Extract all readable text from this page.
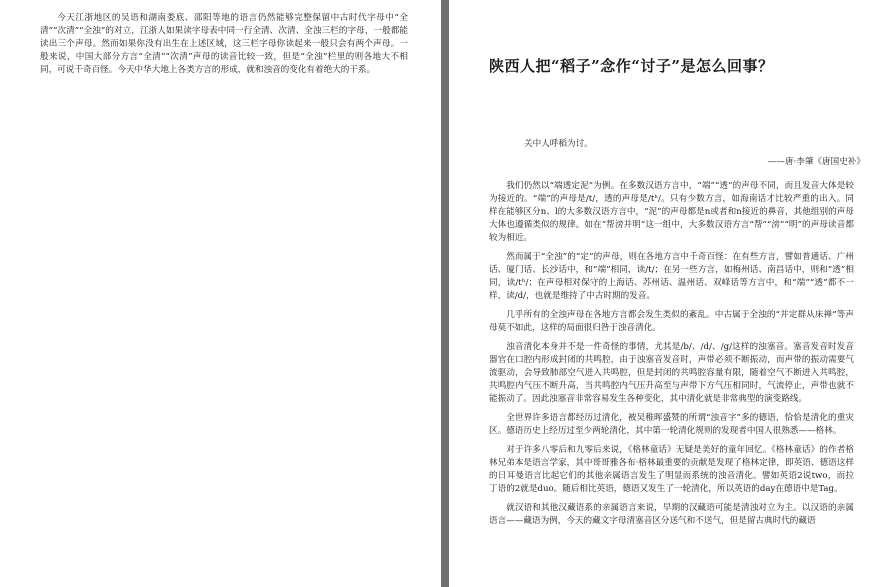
今天江浙地区的吴语和湖南娄底、邵阳等地的语言仍然能够完整保留中古时代字母中“全清”“次清”“全浊”的对立，江浙人如果读字母表中同一行全清、次清、全浊三栏的字母，一般都能读出三个声母。然而如果你没有出生在上述区域，这三栏字母你读起来一般只会有两个声母。一般来说，中国大部分方言“全清”“次清”声母的读音比较一致，但是“全浊”栏里的则各地大不相同，可说千奇百怪。今天中华大地上各类方言的形成，就和浊音的变化有着绝大的干系。	陕西人把“稻子”念作“讨子”是怎么回事？

关中人呼稻为讨。

——唐·李肇《唐国史补》

我们仍然以“端透定泥”为例。在多数汉语方言中，“端”“透”的声母不同，而且发音大体是较为接近的。“端”的声母是/t/，透的声母是/tʰ/。只有少数方言，如海南话才比较严重的出入。同样在能够区分n、l的大多数汉语方言中，“泥”的声母都是n或者和n接近的鼻音，其他组别的声母大体也遵循类似的规律。如在“帮滂并明”这一组中，大多数汉语方言“帮”“滂”“明”的声母读音都较为相近。

然而属于“全浊”的“定”的声母，则在各地方言中千奇百怪：在有些方言，譬如普通话、广州话、厦门话、长沙话中，和“端”相同，读/t/；在另一些方言，如梅州话、南昌话中，则和“透”相同，读/tʰ/；在声母相对保守的上海话、苏州话、温州话、双峰话等方言中，和“端”“透”都不一样，读/d/，也就是维持了中古时期的发音。

几乎所有的全浊声母在各地方言都会发生类似的紊乱。中古属于全浊的“并定群从床禅”等声母莫不如此，这样的局面很归咎于浊音清化。

浊音清化本身并不是一件奇怪的事情，尤其是/b/、/d/、/g/这样的浊塞音。塞音发音时发音器官在口腔内形成封闭的共鸣腔，由于浊塞音发音时，声带必须不断振动，而声带的振动需要气流驱动，会导致肺部空气进入共鸣腔，但是封闭的共鸣腔容量有限，随着空气不断进入共鸣腔，共鸣腔内气压不断升高，当共鸣腔内气压升高至与声带下方气压相同时，气流停止，声带也就不能振动了。因此浊塞音非常容易发生各种变化，其中清化就是非常典型的演变路线。

全世界许多语言都经历过清化，被吴稚晖盛赞的所谓“浊音字”多的德语，恰恰是清化的重灾区。德语历史上经历过至少两轮清化，其中第一轮清化规则的发现者中国人很熟悉——格林。

对于许多八零后和九零后来说，《格林童话》无疑是美好的童年回忆。《格林童话》的作者格林兄弟本是语言学家，其中哥哥雅各布·格林最重要的贡献是发现了格林定律，即英语、德语这样的日耳曼语言比起它们的其他亲属语言发生了明显而系统的浊音清化。譬如英语2说two，而拉丁语的2就是duo。随后相比英语，德语又发生了一轮清化，所以英语的day在德语中是Tag。

就汉语和其他汉藏语系的亲属语言来说，早期的汉藏语可能是清浊对立为主。以汉语的亲属语言——藏语为例，今天的藏文字母清塞音区分送气和不送气，但是留古典时代的藏语
